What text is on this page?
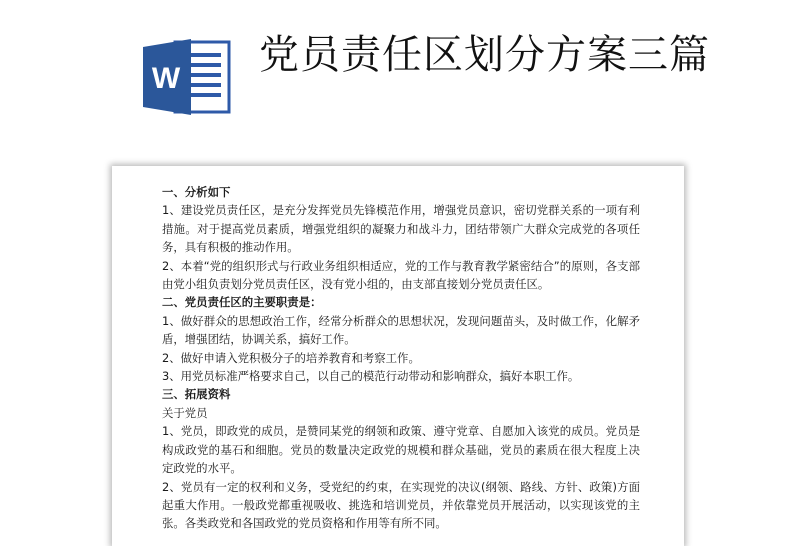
W
党员责任区划分方案三篇

一、分析如下

1、建设党员责任区，是充分发挥党员先锋模范作用，增强党员意识，密切党群关系的一项有利措施。对于提高党员素质，增强党组织的凝聚力和战斗力，团结带领广大群众完成党的各项任务，具有积极的推动作用。

2、本着“党的组织形式与行政业务组织相适应，党的工作与教育教学紧密结合”的原则，各支部由党小组负责划分党员责任区，没有党小组的，由支部直接划分党员责任区。

二、党员责任区的主要职责是：

1、做好群众的思想政治工作，经常分析群众的思想状况，发现问题苗头，及时做工作，化解矛盾，增强团结，协调关系，搞好工作。

2、做好申请入党积极分子的培养教育和考察工作。

3、用党员标准严格要求自己，以自己的模范行动带动和影响群众，搞好本职工作。

三、拓展资料

关于党员

1、党员，即政党的成员，是赞同某党的纲领和政策、遵守党章、自愿加入该党的成员。党员是构成政党的基石和细胞。党员的数量决定政党的规模和群众基础，党员的素质在很大程度上决定政党的水平。

2、党员有一定的权利和义务，受党纪的约束，在实现党的决议(纲领、路线、方针、政策)方面起重大作用。一般政党都重视吸收、挑选和培训党员，并依靠党员开展活动，以实现该党的主张。各类政党和各国政党的党员资格和作用等有所不同。
